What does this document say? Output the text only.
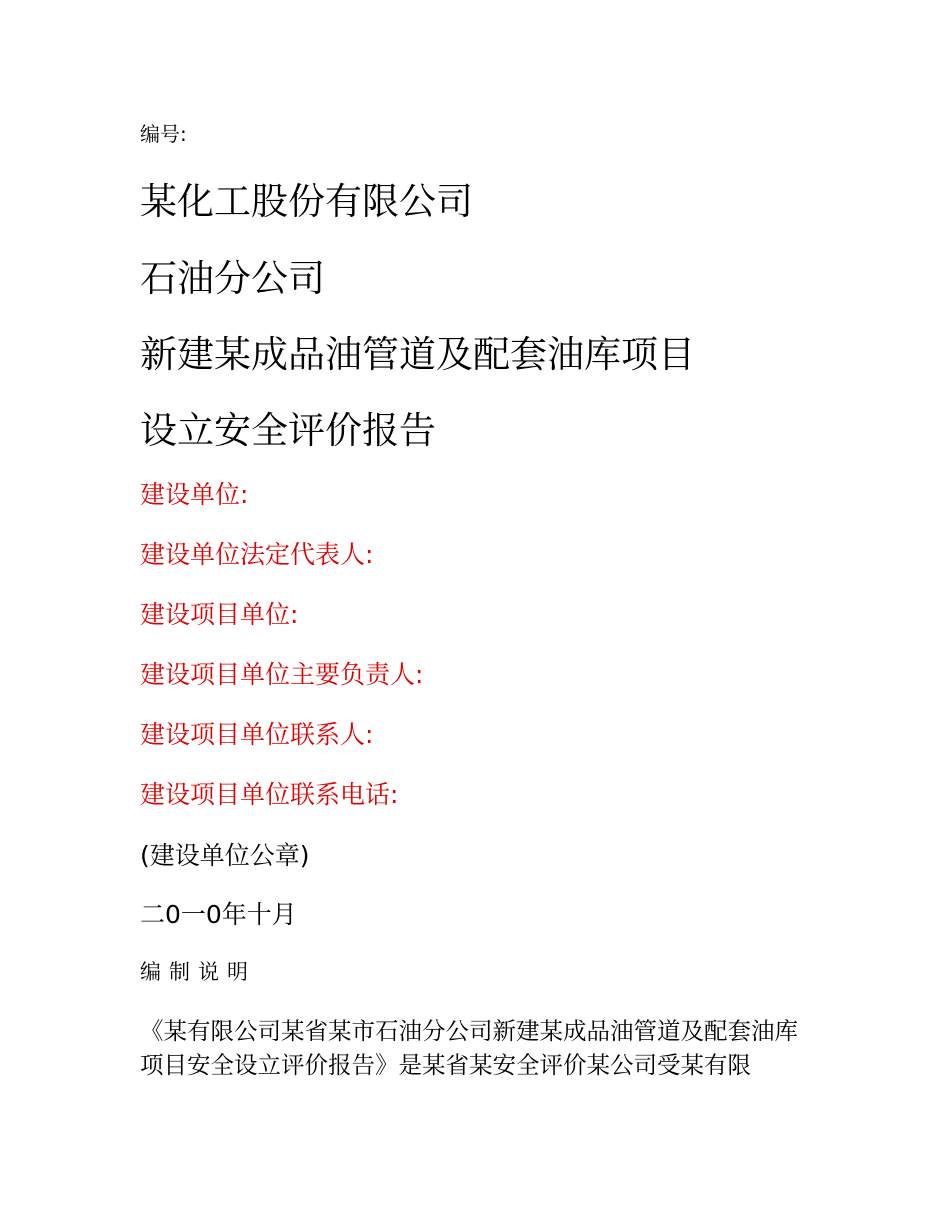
编号:
某化工股份有限公司
石油分公司
新建某成品油管道及配套油库项目
设立安全评价报告
建设单位:
建设单位法定代表人:
建设项目单位:
建设项目单位主要负责人:
建设项目单位联系人:
建设项目单位联系电话:
(建设单位公章)
二0一0年十月
编制说明
《某有限公司某省某市石油分公司新建某成品油管道及配套油库项目安全设立评价报告》是某省某安全评价某公司受某有限
